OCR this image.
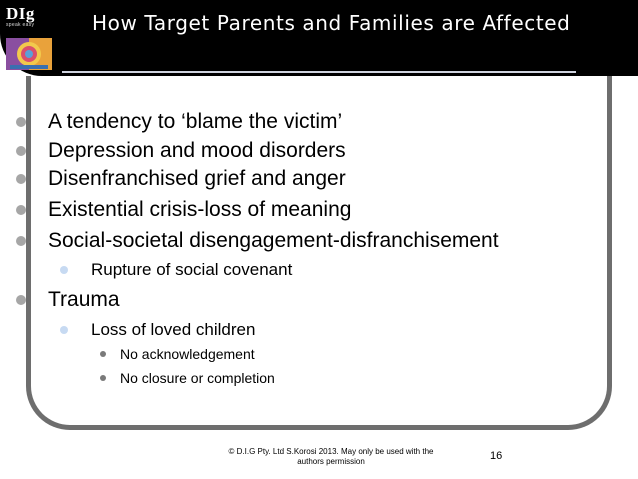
DIg
speak easy	How Target Parents and Families are Affected
A tendency to ‘blame the victim’
Depression and mood disorders
Disenfranchised grief and anger
Existential crisis-loss of meaning
Social-societal disengagement-disfranchisement
Rupture of social covenant
Trauma
Loss of loved children
No acknowledgement
No closure or completion
© D.I.G Pty. Ltd S.Korosi 2013. May only be used with the authors permission	16
